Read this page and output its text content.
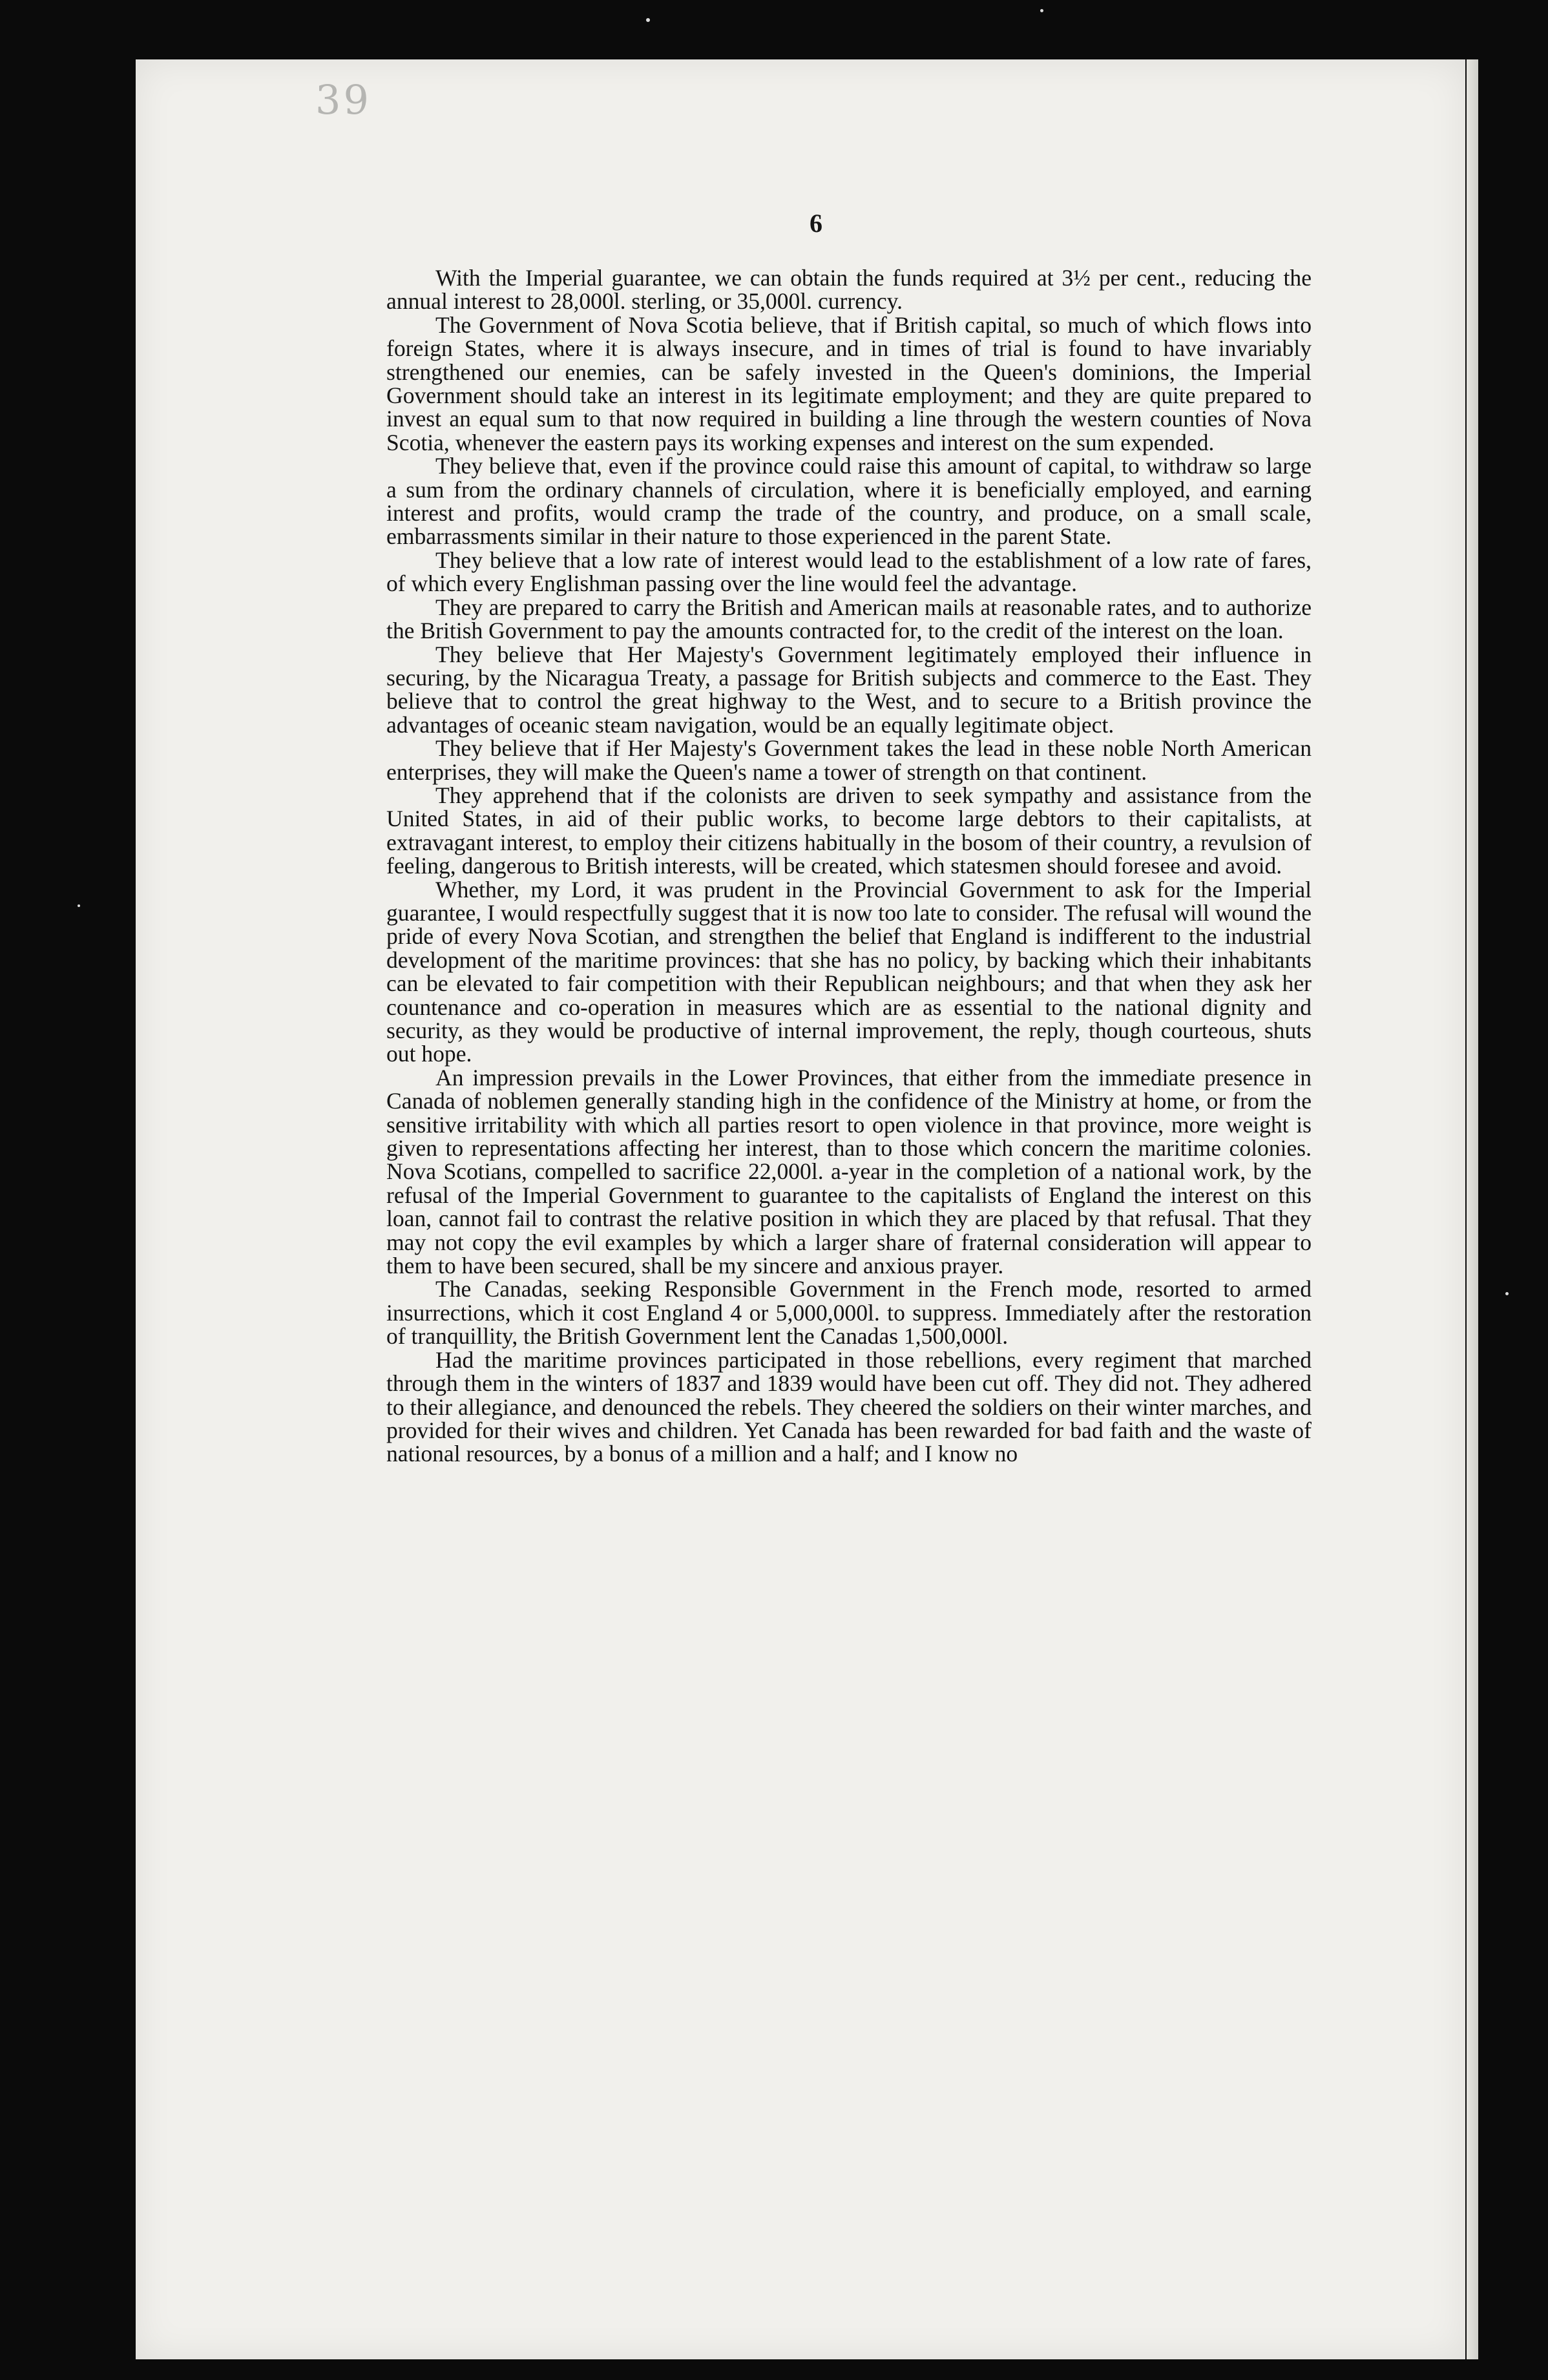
39
6

With the Imperial guarantee, we can obtain the funds required at 3½ per cent., reducing the annual interest to 28,000l. sterling, or 35,000l. currency.

The Government of Nova Scotia believe, that if British capital, so much of which flows into foreign States, where it is always insecure, and in times of trial is found to have invariably strengthened our enemies, can be safely invested in the Queen's dominions, the Imperial Government should take an interest in its legitimate employment; and they are quite prepared to invest an equal sum to that now required in building a line through the western counties of Nova Scotia, whenever the eastern pays its working expenses and interest on the sum expended.

They believe that, even if the province could raise this amount of capital, to withdraw so large a sum from the ordinary channels of circulation, where it is beneficially employed, and earning interest and profits, would cramp the trade of the country, and produce, on a small scale, embarrassments similar in their nature to those experienced in the parent State.

They believe that a low rate of interest would lead to the establishment of a low rate of fares, of which every Englishman passing over the line would feel the advantage.

They are prepared to carry the British and American mails at reasonable rates, and to authorize the British Government to pay the amounts contracted for, to the credit of the interest on the loan.

They believe that Her Majesty's Government legitimately employed their influence in securing, by the Nicaragua Treaty, a passage for British subjects and commerce to the East. They believe that to control the great highway to the West, and to secure to a British province the advantages of oceanic steam navigation, would be an equally legitimate object.

They believe that if Her Majesty's Government takes the lead in these noble North American enterprises, they will make the Queen's name a tower of strength on that continent.

They apprehend that if the colonists are driven to seek sympathy and assistance from the United States, in aid of their public works, to become large debtors to their capitalists, at extravagant interest, to employ their citizens habitually in the bosom of their country, a revulsion of feeling, dangerous to British interests, will be created, which statesmen should foresee and avoid.

Whether, my Lord, it was prudent in the Provincial Government to ask for the Imperial guarantee, I would respectfully suggest that it is now too late to consider. The refusal will wound the pride of every Nova Scotian, and strengthen the belief that England is indifferent to the industrial development of the maritime provinces: that she has no policy, by backing which their inhabitants can be elevated to fair competition with their Republican neighbours; and that when they ask her countenance and co-operation in measures which are as essential to the national dignity and security, as they would be productive of internal improvement, the reply, though courteous, shuts out hope.

An impression prevails in the Lower Provinces, that either from the immediate presence in Canada of noblemen generally standing high in the confidence of the Ministry at home, or from the sensitive irritability with which all parties resort to open violence in that province, more weight is given to representations affecting her interest, than to those which concern the maritime colonies. Nova Scotians, compelled to sacrifice 22,000l. a-year in the completion of a national work, by the refusal of the Imperial Government to guarantee to the capitalists of England the interest on this loan, cannot fail to contrast the relative position in which they are placed by that refusal. That they may not copy the evil examples by which a larger share of fraternal consideration will appear to them to have been secured, shall be my sincere and anxious prayer.

The Canadas, seeking Responsible Government in the French mode, resorted to armed insurrections, which it cost England 4 or 5,000,000l. to suppress. Immediately after the restoration of tranquillity, the British Government lent the Canadas 1,500,000l.

Had the maritime provinces participated in those rebellions, every regiment that marched through them in the winters of 1837 and 1839 would have been cut off. They did not. They adhered to their allegiance, and denounced the rebels. They cheered the soldiers on their winter marches, and provided for their wives and children. Yet Canada has been rewarded for bad faith and the waste of national resources, by a bonus of a million and a half; and I know no
